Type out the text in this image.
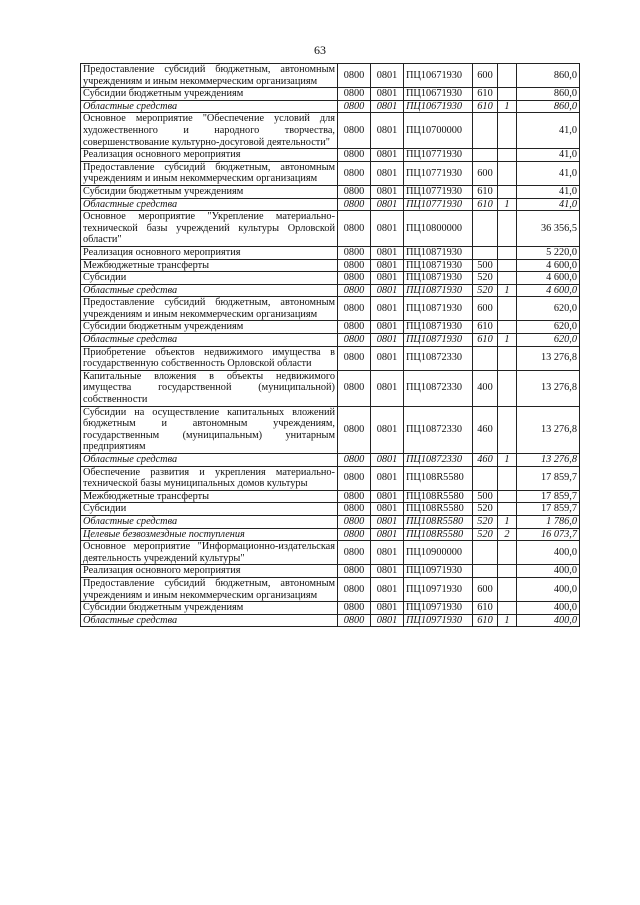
63
Предоставление субсидий бюджетным, автономным учреждениям и иным некоммерческим организациям	0800	0801	ПЦ10671930	600		860,0
Субсидии бюджетным учреждениям	0800	0801	ПЦ10671930	610		860,0
Областные средства	0800	0801	ПЦ10671930	610	1	860,0
Основное мероприятие "Обеспечение условий для художественного и народного творчества, совершенствование культурно-досуговой деятельности"	0800	0801	ПЦ10700000			41,0
Реализация основного мероприятия	0800	0801	ПЦ10771930			41,0
Предоставление субсидий бюджетным, автономным учреждениям и иным некоммерческим организациям	0800	0801	ПЦ10771930	600		41,0
Субсидии бюджетным учреждениям	0800	0801	ПЦ10771930	610		41,0
Областные средства	0800	0801	ПЦ10771930	610	1	41,0
Основное мероприятие "Укрепление материально-технической базы учреждений культуры Орловской области"	0800	0801	ПЦ10800000			36 356,5
Реализация основного мероприятия	0800	0801	ПЦ10871930			5 220,0
Межбюджетные трансферты	0800	0801	ПЦ10871930	500		4 600,0
Субсидии	0800	0801	ПЦ10871930	520		4 600,0
Областные средства	0800	0801	ПЦ10871930	520	1	4 600,0
Предоставление субсидий бюджетным, автономным учреждениям и иным некоммерческим организациям	0800	0801	ПЦ10871930	600		620,0
Субсидии бюджетным учреждениям	0800	0801	ПЦ10871930	610		620,0
Областные средства	0800	0801	ПЦ10871930	610	1	620,0
Приобретение объектов недвижимого имущества в государственную собственность Орловской области	0800	0801	ПЦ10872330			13 276,8
Капитальные вложения в объекты недвижимого имущества государственной (муниципальной) собственности	0800	0801	ПЦ10872330	400		13 276,8
Субсидии на осуществление капитальных вложений бюджетным и автономным учреждениям, государственным (муниципальным) унитарным предприятиям	0800	0801	ПЦ10872330	460		13 276,8
Областные средства	0800	0801	ПЦ10872330	460	1	13 276,8
Обеспечение развития и укрепления материально-технической базы муниципальных домов культуры	0800	0801	ПЦ108R5580			17 859,7
Межбюджетные трансферты	0800	0801	ПЦ108R5580	500		17 859,7
Субсидии	0800	0801	ПЦ108R5580	520		17 859,7
Областные средства	0800	0801	ПЦ108R5580	520	1	1 786,0
Целевые безвозмездные поступления	0800	0801	ПЦ108R5580	520	2	16 073,7
Основное мероприятие "Информационно-издательская деятельность учреждений культуры"	0800	0801	ПЦ10900000			400,0
Реализация основного мероприятия	0800	0801	ПЦ10971930			400,0
Предоставление субсидий бюджетным, автономным учреждениям и иным некоммерческим организациям	0800	0801	ПЦ10971930	600		400,0
Субсидии бюджетным учреждениям	0800	0801	ПЦ10971930	610		400,0
Областные средства	0800	0801	ПЦ10971930	610	1	400,0
